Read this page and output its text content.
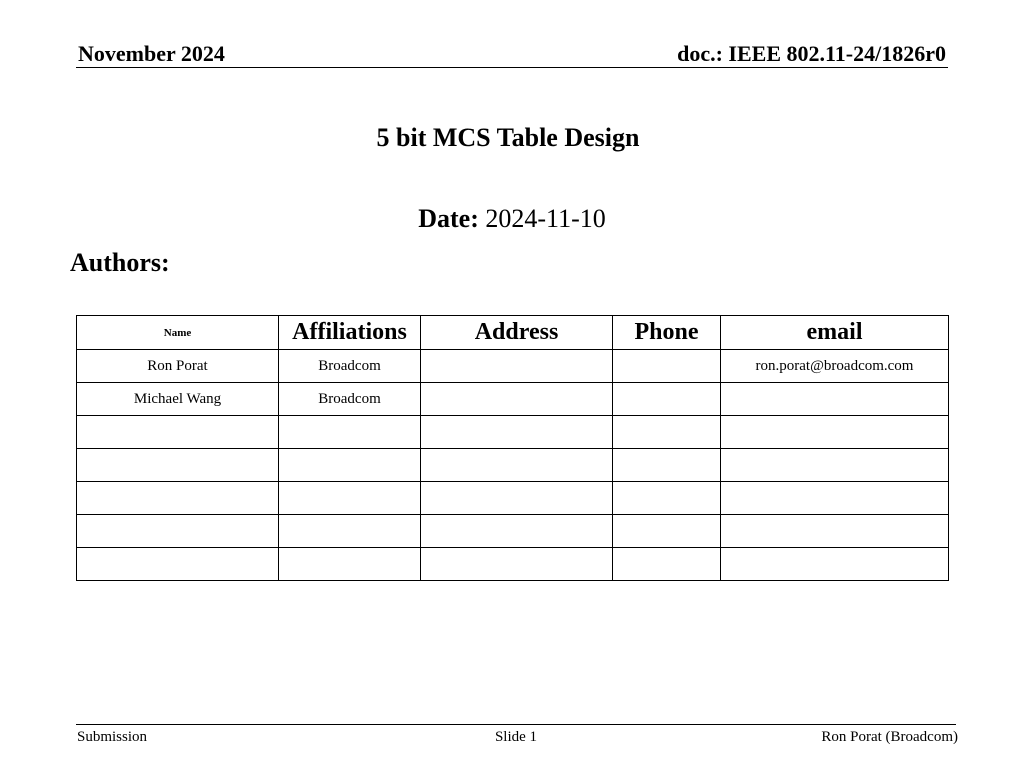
November 2024	doc.: IEEE 802.11-24/1826r0
5 bit MCS Table Design
Date: 2024-11-10
Authors:
Name	Affiliations	Address	Phone	email
Ron Porat	Broadcom			ron.porat@broadcom.com
Michael Wang	Broadcom			

Submission	Slide 1	Ron Porat (Broadcom)
